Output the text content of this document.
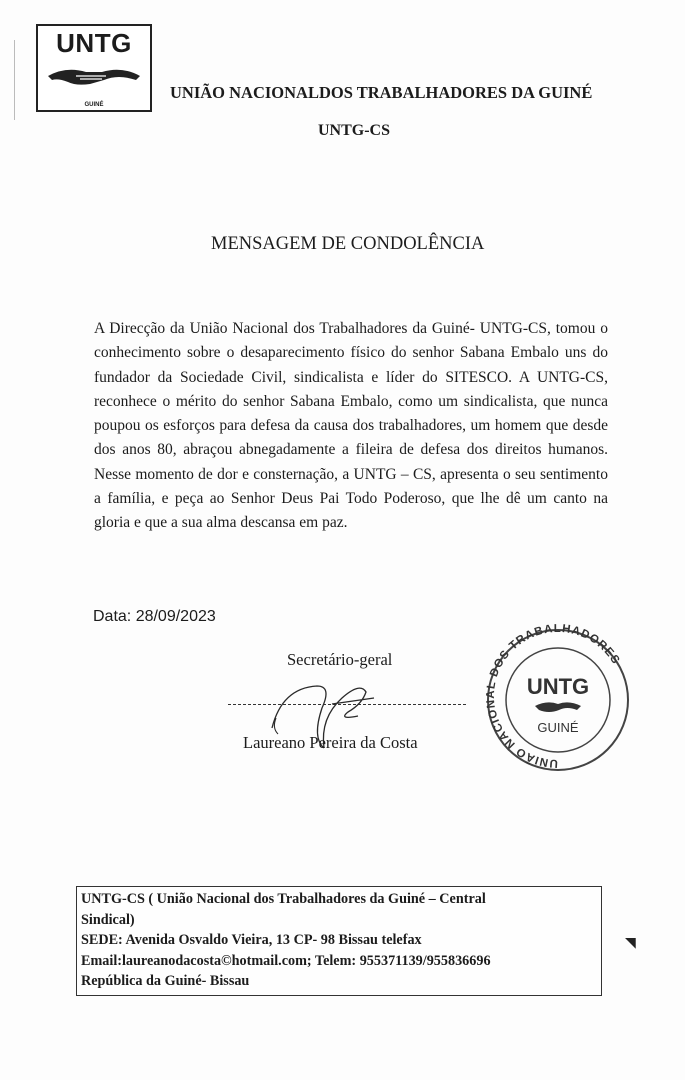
UNTG
GUINÉ
UNIÃO NACIONALDOS TRABALHADORES DA GUINÉ
UNTG-CS
MENSAGEM DE CONDOLÊNCIA
A Direcção da União Nacional dos Trabalhadores da Guiné- UNTG-CS, tomou o conhecimento sobre o desaparecimento físico do senhor Sabana Embalo uns do fundador da Sociedade Civil, sindicalista e líder do SITESCO. A UNTG-CS, reconhece o mérito do senhor Sabana Embalo, como um sindicalista, que nunca poupou os esforços para defesa da causa dos trabalhadores, um homem que desde dos anos 80, abraçou abnegadamente a fileira de defesa dos direitos humanos. Nesse momento de dor e consternação, a UNTG – CS, apresenta o seu sentimento a família, e peça ao Senhor Deus Pai Todo Poderoso, que lhe dê um canto na gloria e que a sua alma descansa em paz.
Data: 28/09/2023
Secretário-geral
Laureano Pereira da Costa
UNIÃO NACIONAL DOS TRABALHADORES
UNTG
GUINÉ
UNTG-CS ( União Nacional dos Trabalhadores da Guiné – Central
Sindical)
SEDE: Avenida Osvaldo Vieira, 13 CP- 98 Bissau telefax
Email:laureanodacosta©hotmail.com; Telem: 955371139/955836696
República da Guiné- Bissau
◥
